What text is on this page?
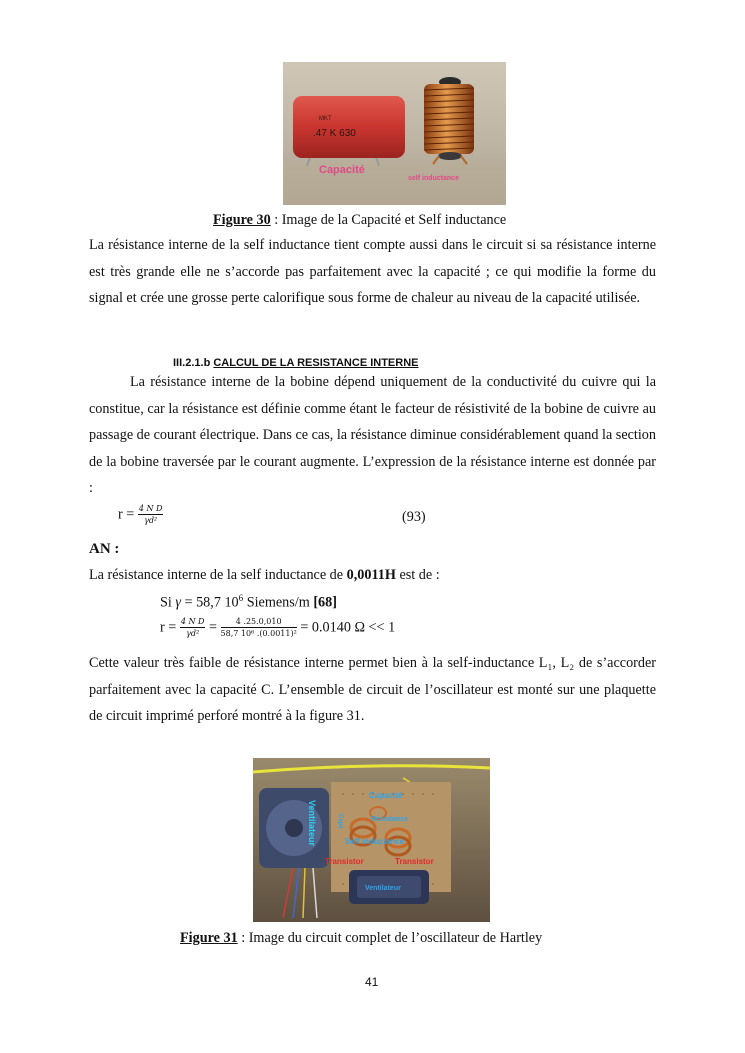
MKT
.47 K 630
Capacité
self inductance
Figure 30 : Image de la Capacité et Self inductance
La résistance interne de la self inductance tient compte aussi dans le circuit si sa résistance interne est très grande elle ne s’accorde pas parfaitement avec la capacité ; ce qui modifie la forme du signal et crée une grosse perte calorifique sous forme de chaleur au niveau de la capacité utilisée.
III.2.1.b CALCUL DE LA RESISTANCE INTERNE
La résistance interne de la bobine dépend uniquement de la conductivité du cuivre qui la constitue, car la résistance est définie comme étant le facteur de résistivité de la bobine de cuivre au passage de courant électrique. Dans ce cas, la résistance diminue considérablement quand la section de la bobine traversée par le courant augmente. L’expression de la résistance interne est donnée par :
$r = \frac{\text{4 N D}}{\text{γd²}}$	(93)
AN :
La résistance interne de la self inductance de 0,0011H est de :
Si γ = 58,7 $10^6$ Siemens/m [68]
$r = \frac{\text{4 N D}}{\text{γd²}} = \frac{4 .25.0,010}{\text{58,7 10⁶ .(0.0011)²}} = 0.0140$ Ω << 1
Cette valeur très faible de résistance interne permet bien à la self-inductance L₁, L₂ de s’accorder parfaitement avec la capacité C. L’ensemble de circuit de l’oscillateur est monté sur une plaquette de circuit imprimé perforé montré à la figure 31.
Ventilateur
Capacité
Résistance
Capa
Self inductance
Transistor	Transistor
Ventilateur
Figure 31 : Image du circuit complet de l’oscillateur de Hartley
41
